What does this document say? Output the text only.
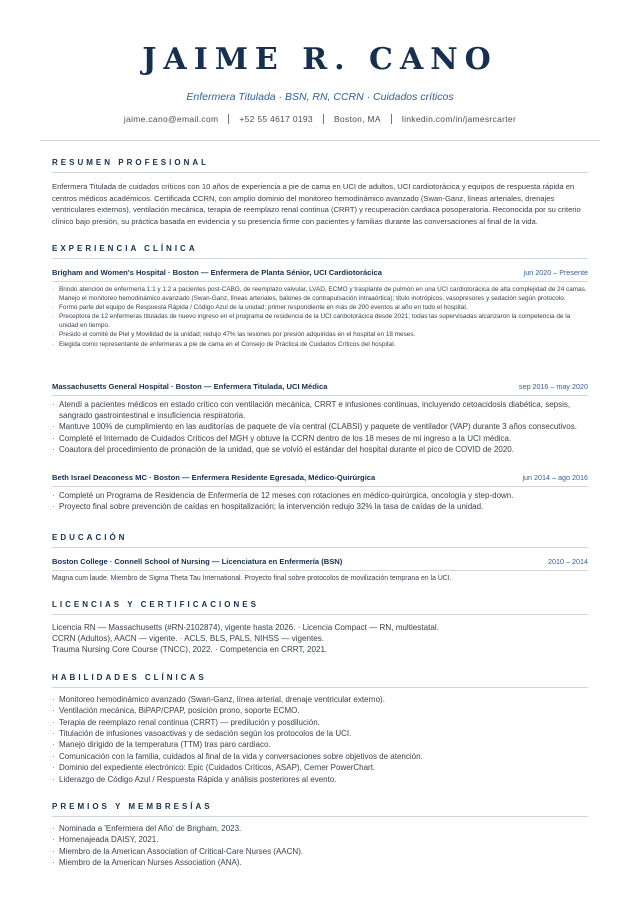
JAIME R. CANO
Enfermera Titulada · BSN, RN, CCRN · Cuidados críticos
jaime.cano@email.com +52 55 4617 0193 Boston, MA linkedin.com/in/jamesrcarter
RESUMEN PROFESIONAL
Enfermera Titulada de cuidados críticos con 10 años de experiencia a pie de cama en UCI de adultos, UCI cardiotorácica y equipos de respuesta rápida en centros médicos académicos. Certificada CCRN, con amplio dominio del monitoreo hemodinámico avanzado (Swan-Ganz, líneas arteriales, drenajes ventriculares externos), ventilación mecánica, terapia de reemplazo renal continua (CRRT) y recuperación cardiaca posoperatoria. Reconocida por su criterio clínico bajo presión, su práctica basada en evidencia y su presencia firme con pacientes y familias durante las conversaciones al final de la vida.
EXPERIENCIA CLÍNICA
Brigham and Women's Hospital · Boston — Enfermera de Planta Sénior, UCI Cardiotorácica	jun 2020 – Presente
· Brindo atención de enfermería 1:1 y 1:2 a pacientes post-CABG, de reemplazo valvular, LVAD, ECMO y trasplante de pulmón en una UCI cardiotorácica de alta complejidad de 24 camas.
· Manejo el monitoreo hemodinámico avanzado (Swan-Ganz, líneas arteriales, balones de contrapulsación intraaórtica); titulo inotrópicos, vasopresores y sedación según protocolo.
· Formo parte del equipo de Respuesta Rápida / Código Azul de la unidad; primer respondiente en más de 200 eventos al año en todo el hospital.
· Preceptora de 12 enfermeras tituladas de nuevo ingreso en el programa de residencia de la UCI cardiotorácica desde 2021; todas las supervisadas alcanzaron la competencia de la unidad en tiempo.
· Presido el comité de Piel y Movilidad de la unidad; redujo 47% las lesiones por presión adquiridas en el hospital en 18 meses.
· Elegida como representante de enfermeras a pie de cama en el Consejo de Práctica de Cuidados Críticos del hospital.
Massachusetts General Hospital · Boston — Enfermera Titulada, UCI Médica	sep 2016 – may 2020
· Atendí a pacientes médicos en estado crítico con ventilación mecánica, CRRT e infusiones continuas, incluyendo cetoacidosis diabética, sepsis, sangrado gastrointestinal e insuficiencia respiratoria.
· Mantuve 100% de cumplimiento en las auditorías de paquete de vía central (CLABSI) y paquete de ventilador (VAP) durante 3 años consecutivos.
· Completé el Internado de Cuidados Críticos del MGH y obtuve la CCRN dentro de los 18 meses de mi ingreso a la UCI médica.
· Coautora del procedimiento de pronación de la unidad, que se volvió el estándar del hospital durante el pico de COVID de 2020.
Beth Israel Deaconess MC · Boston — Enfermera Residente Egresada, Médico-Quirúrgica	jun 2014 – ago 2016
· Completé un Programa de Residencia de Enfermería de 12 meses con rotaciones en médico-quirúrgica, oncología y step-down.
· Proyecto final sobre prevención de caídas en hospitalización; la intervención redujo 32% la tasa de caídas de la unidad.
EDUCACIÓN
Boston College · Connell School of Nursing — Licenciatura en Enfermería (BSN)	2010 – 2014
Magna cum laude. Miembro de Sigma Theta Tau International. Proyecto final sobre protocolos de movilización temprana en la UCI.
LICENCIAS Y CERTIFICACIONES
Licencia RN — Massachusetts (#RN-2102874), vigente hasta 2026. · Licencia Compact — RN, multiestatal.
CCRN (Adultos), AACN — vigente. · ACLS, BLS, PALS, NIHSS — vigentes.
Trauma Nursing Core Course (TNCC), 2022. · Competencia en CRRT, 2021.
HABILIDADES CLÍNICAS
· Monitoreo hemodinámico avanzado (Swan-Ganz, línea arterial, drenaje ventricular externo).
· Ventilación mecánica, BiPAP/CPAP, posición prono, soporte ECMO.
· Terapia de reemplazo renal continua (CRRT) — predilución y posdilución.
· Titulación de infusiones vasoactivas y de sedación según los protocolos de la UCI.
· Manejo dirigido de la temperatura (TTM) tras paro cardiaco.
· Comunicación con la familia, cuidados al final de la vida y conversaciones sobre objetivos de atención.
· Dominio del expediente electrónico: Epic (Cuidados Críticos, ASAP), Cerner PowerChart.
· Liderazgo de Código Azul / Respuesta Rápida y análisis posteriores al evento.
PREMIOS Y MEMBRESÍAS
· Nominada a 'Enfermera del Año' de Brigham, 2023.
· Homenajeada DAISY, 2021.
· Miembro de la American Association of Critical-Care Nurses (AACN).
· Miembro de la American Nurses Association (ANA).
